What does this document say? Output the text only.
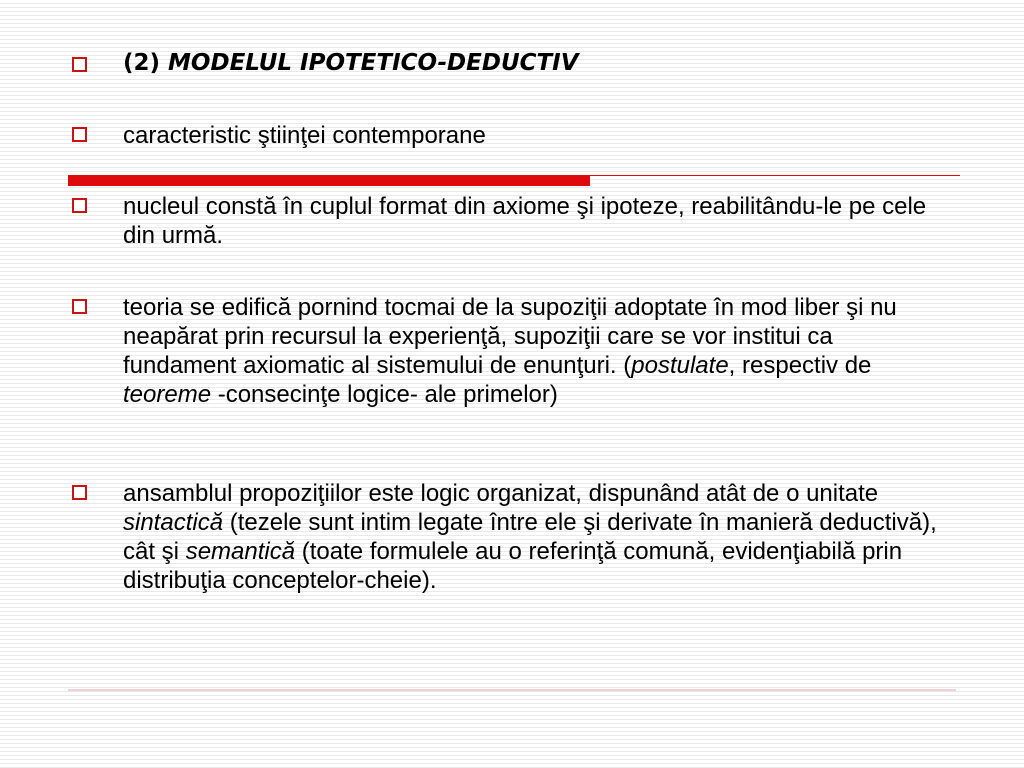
(2) MODELUL IPOTETICO-DEDUCTIV
caracteristic ştiinţei contemporane
nucleul constă în cuplul format din axiome şi ipoteze, reabilitându-le pe cele din urmă.
teoria se edifică pornind tocmai de la supoziţii adoptate în mod liber şi nu neapărat prin recursul la experienţă, supoziţii care se vor institui ca fundament axiomatic al sistemului de enunţuri. (postulate, respectiv de teoreme -consecinţe logice- ale primelor)
ansamblul propoziţiilor este logic organizat, dispunând atât de o unitate sintactică (tezele sunt intim legate între ele şi derivate în manieră deductivă), cât şi semantică (toate formulele au o referinţă comună, evidenţiabilă prin distribuţia conceptelor-cheie).
